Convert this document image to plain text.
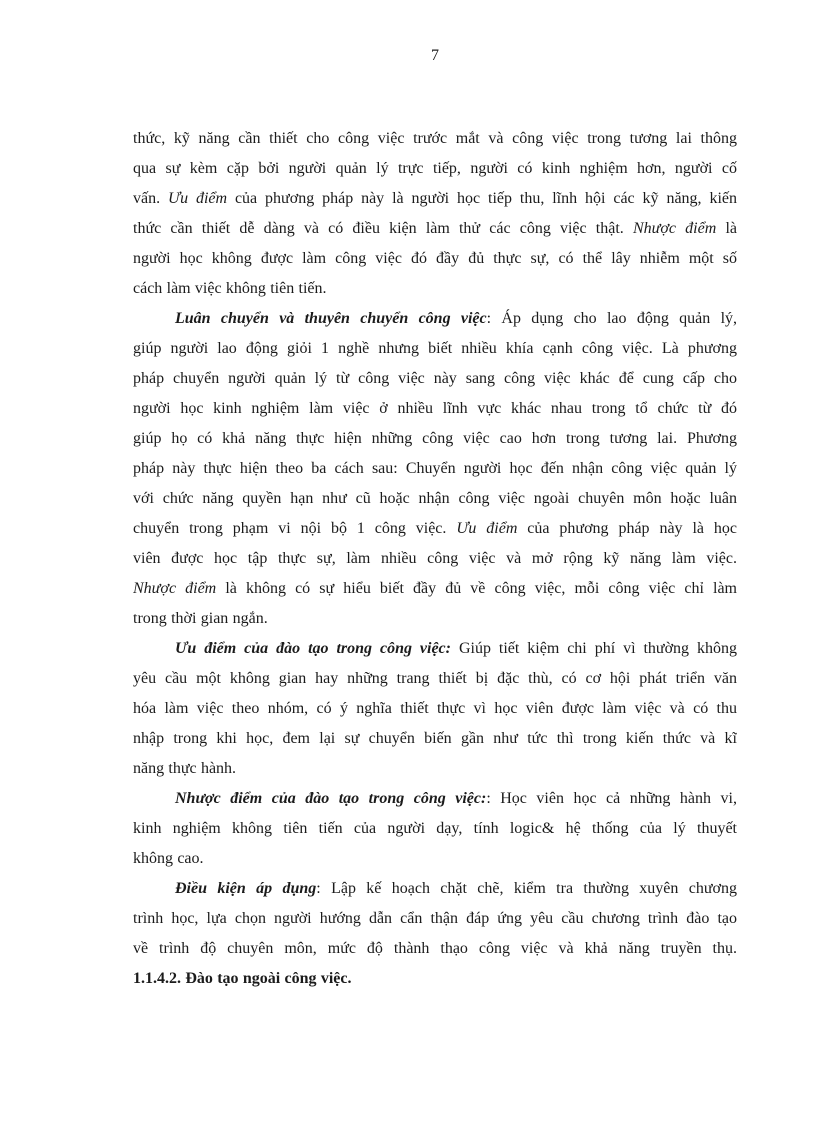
7
thức, kỹ năng cần thiết cho công việc trước mắt và công việc trong tương lai thông
qua sự kèm cặp bởi người quản lý trực tiếp, người có kinh nghiệm hơn, người cố
vấn. Ưu điểm của phương pháp này là người học tiếp thu, lĩnh hội các kỹ năng, kiến
thức cần thiết dễ dàng và có điều kiện làm thử các công việc thật. Nhược điểm là
người học không được làm công việc đó đầy đủ thực sự, có thể lây nhiễm một số
cách làm việc không tiên tiến.
Luân chuyển và thuyên chuyển công việc: Áp dụng cho lao động quản lý,
giúp người lao động giỏi 1 nghề nhưng biết nhiều khía cạnh công việc. Là phương
pháp chuyển người quản lý từ công việc này sang công việc khác để cung cấp cho
người học kinh nghiệm làm việc ở nhiều lĩnh vực khác nhau trong tổ chức từ đó
giúp họ có khả năng thực hiện những công việc cao hơn trong tương lai. Phương
pháp này thực hiện theo ba cách sau: Chuyển người học đến nhận công việc quản lý
với chức năng quyền hạn như cũ hoặc nhận công việc ngoài chuyên môn hoặc luân
chuyển trong phạm vi nội bộ 1 công việc. Ưu điểm của phương pháp này là học
viên được học tập thực sự, làm nhiều công việc và mở rộng kỹ năng làm việc.
Nhược điểm là không có sự hiểu biết đầy đủ về công việc, mỗi công việc chỉ làm
trong thời gian ngắn.
Ưu điểm của đào tạo trong công việc: Giúp tiết kiệm chi phí vì thường không
yêu cầu một không gian hay những trang thiết bị đặc thù, có cơ hội phát triển văn
hóa làm việc theo nhóm, có ý nghĩa thiết thực vì học viên được làm việc và có thu
nhập trong khi học, đem lại sự chuyển biến gần như tức thì trong kiến thức và kĩ
năng thực hành.
Nhược điểm của đào tạo trong công việc:: Học viên học cả những hành vi,
kinh nghiệm không tiên tiến của người dạy, tính logic& hệ thống của lý thuyết
không cao.
Điều kiện áp dụng: Lập kế hoạch chặt chẽ, kiểm tra thường xuyên chương
trình học, lựa chọn người hướng dẫn cẩn thận đáp ứng yêu cầu chương trình đào tạo
về trình độ chuyên môn, mức độ thành thạo công việc và khả năng truyền thụ.
1.1.4.2. Đào tạo ngoài công việc.
